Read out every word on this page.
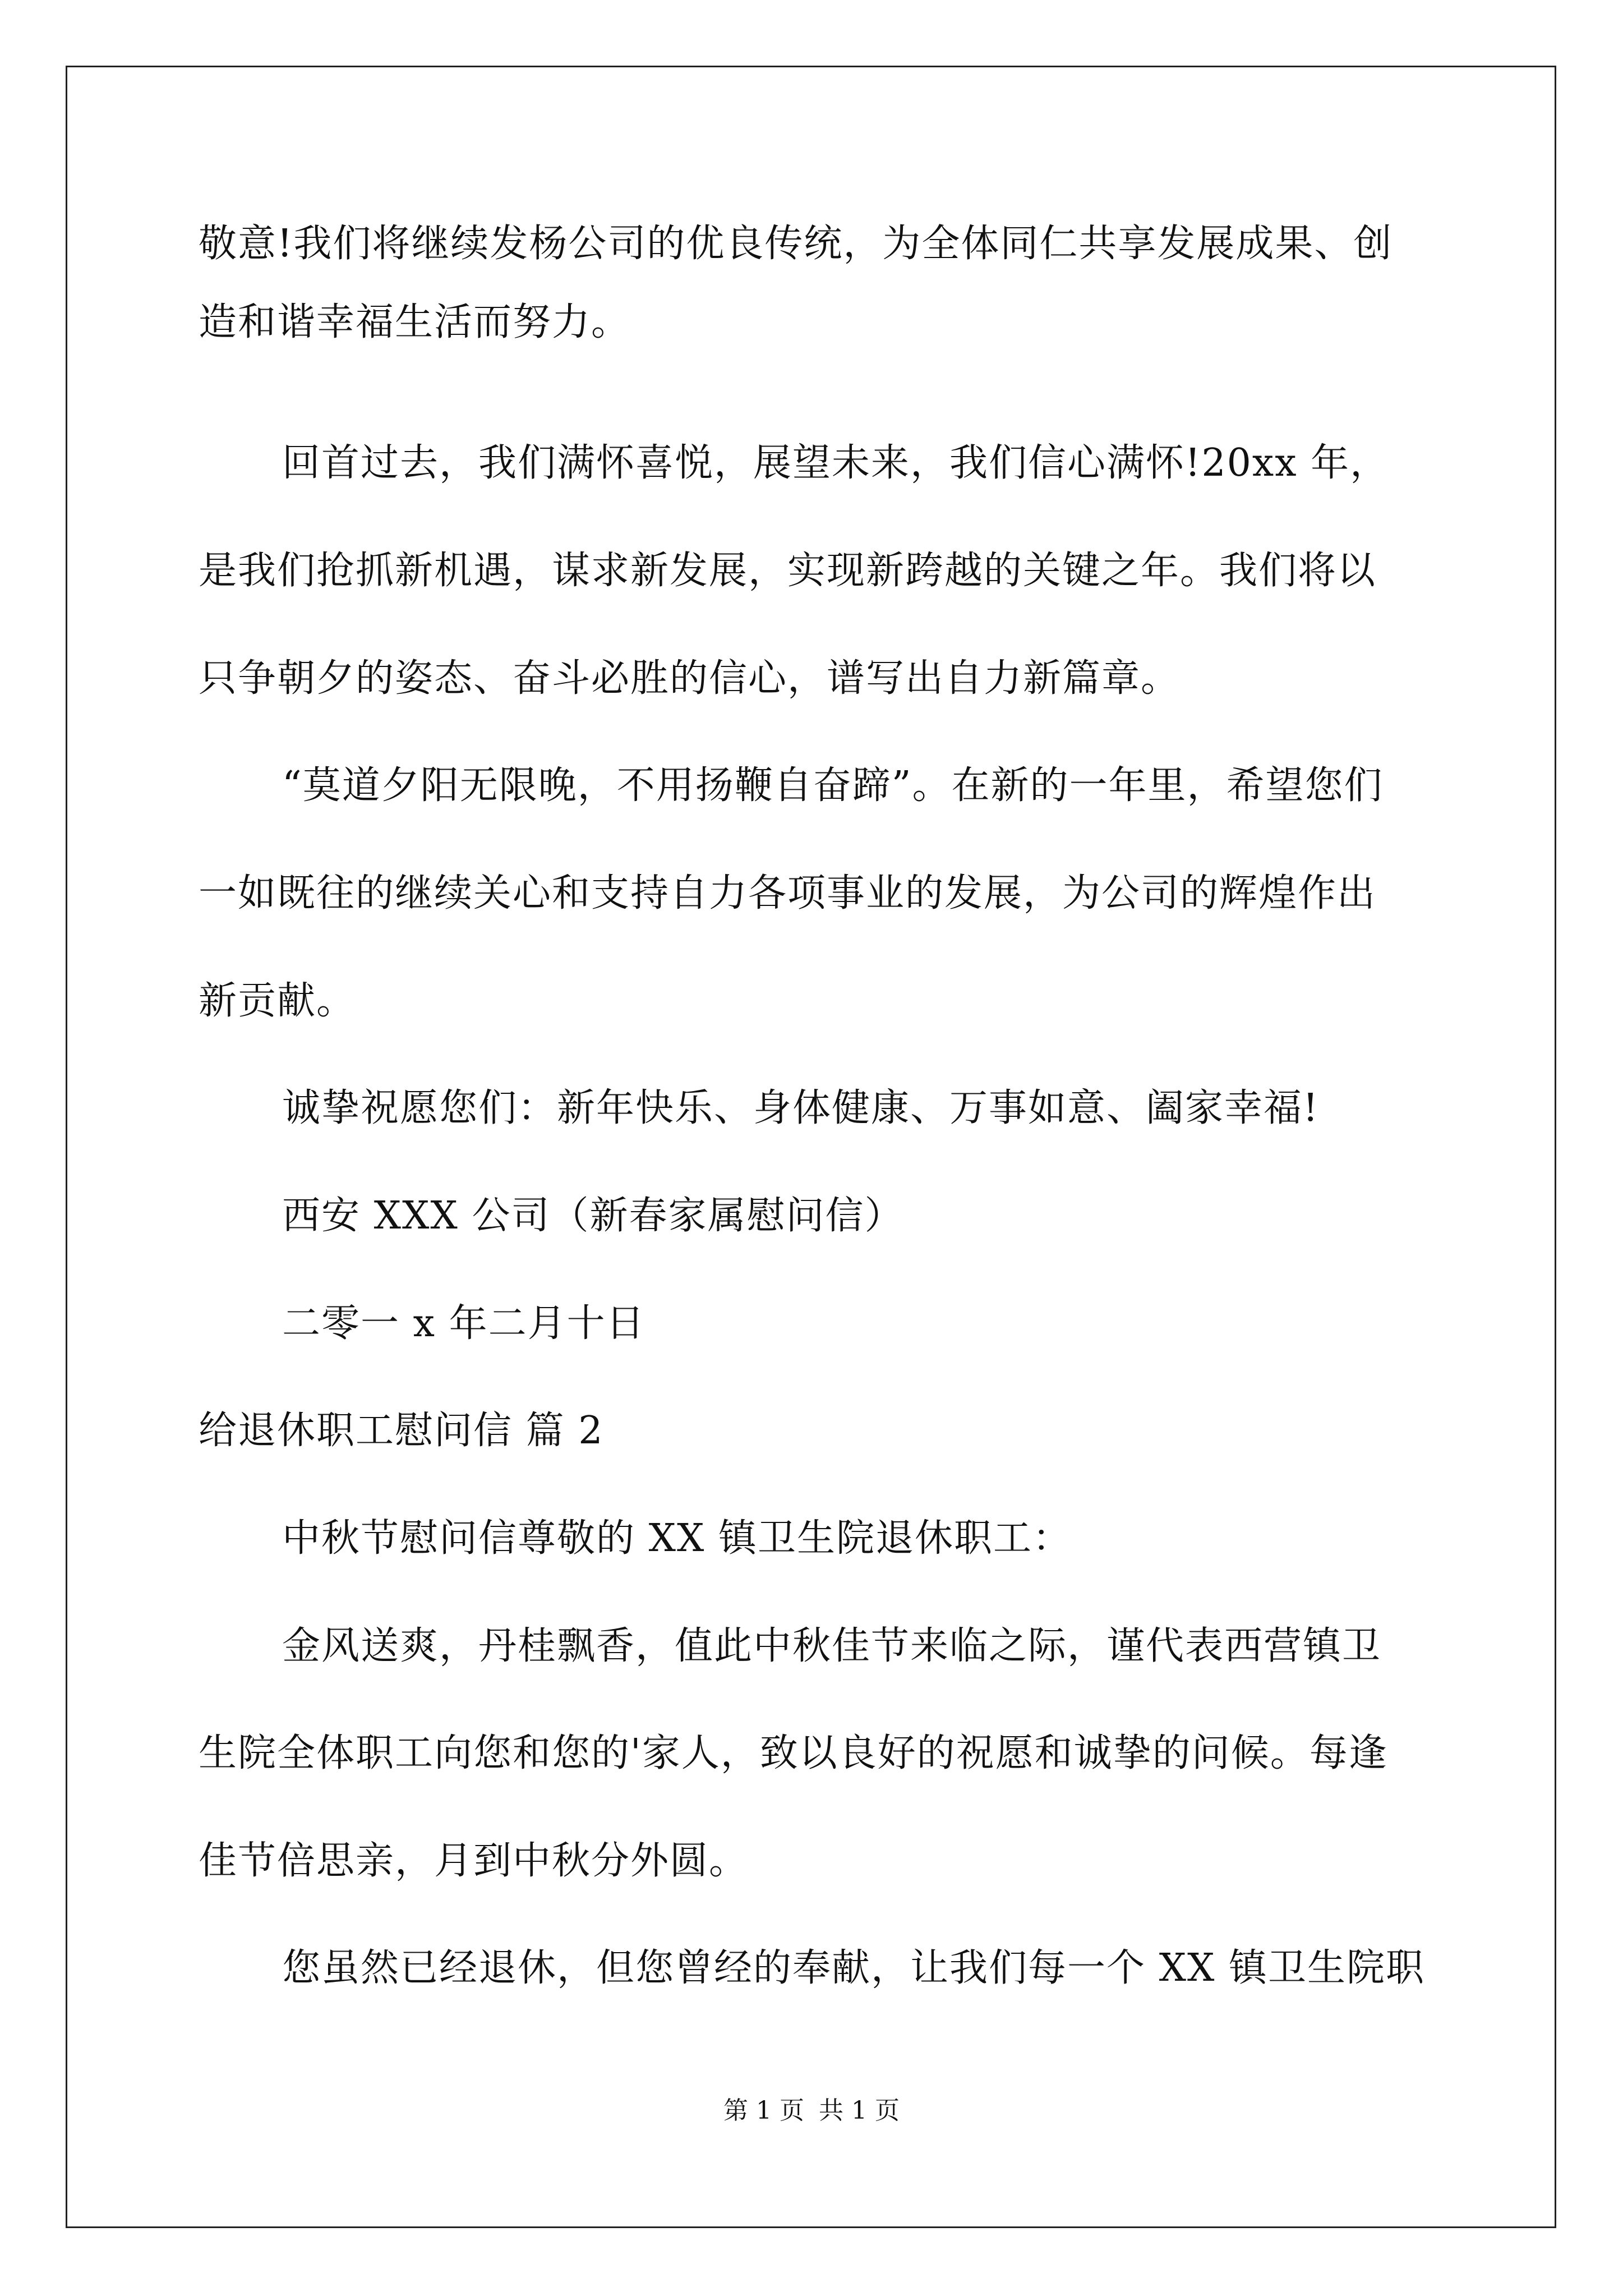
敬意!我们将继续发杨公司的优良传统，为全体同仁共享发展成果、创
造和谐幸福生活而努力。
回首过去，我们满怀喜悦，展望未来，我们信心满怀!20xx 年，
是我们抢抓新机遇，谋求新发展，实现新跨越的关键之年。我们将以
只争朝夕的姿态、奋斗必胜的信心，谱写出自力新篇章。
“莫道夕阳无限晚，不用扬鞭自奋蹄”。在新的一年里，希望您们
一如既往的继续关心和支持自力各项事业的发展，为公司的辉煌作出
新贡献。
诚挚祝愿您们：新年快乐、身体健康、万事如意、阖家幸福!
西安 XXX 公司（新春家属慰问信）
二零一 x 年二月十日
给退休职工慰问信 篇 2
中秋节慰问信尊敬的 XX 镇卫生院退休职工：
金风送爽，丹桂飘香，值此中秋佳节来临之际，谨代表西营镇卫
生院全体职工向您和您的'家人，致以良好的祝愿和诚挚的问候。每逢
佳节倍思亲，月到中秋分外圆。
您虽然已经退休，但您曾经的奉献，让我们每一个 XX 镇卫生院职
第 1 页 共 1 页
